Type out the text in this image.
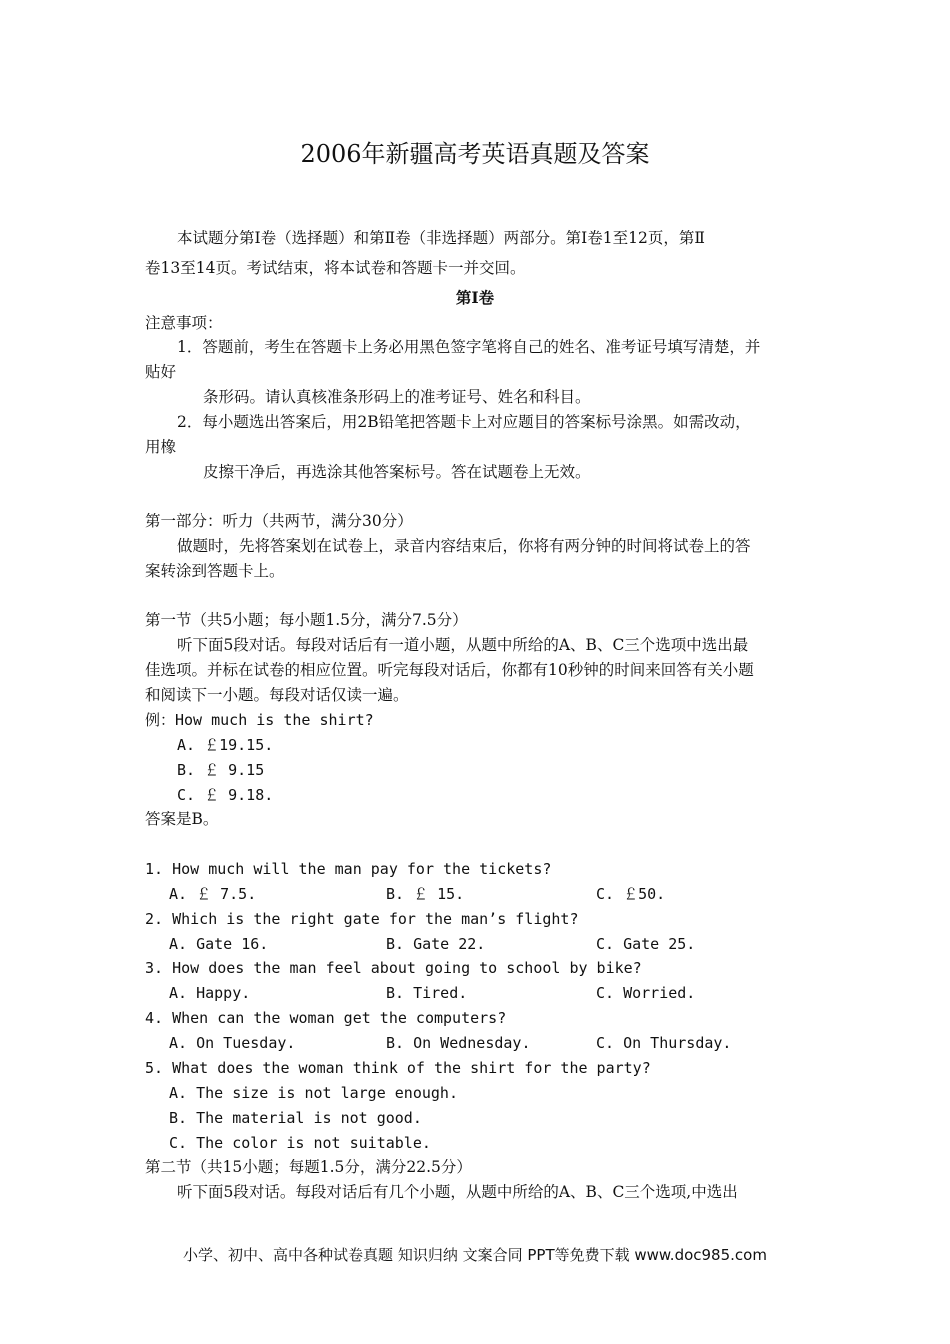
2006年新疆高考英语真题及答案
本试题分第Ⅰ卷（选择题）和第Ⅱ卷（非选择题）两部分。第Ⅰ卷1至12页，第Ⅱ
卷13至14页。考试结束，将本试卷和答题卡一并交回。
第Ⅰ卷
注意事项：
1．答题前，考生在答题卡上务必用黑色签字笔将自己的姓名、准考证号填写清楚，并
贴好
条形码。请认真核准条形码上的准考证号、姓名和科目。
2．每小题选出答案后，用2B铅笔把答题卡上对应题目的答案标号涂黑。如需改动，
用橡
皮擦干净后，再选涂其他答案标号。答在试题卷上无效。
第一部分：听力（共两节，满分30分）
做题时，先将答案划在试卷上，录音内容结束后，你将有两分钟的时间将试卷上的答
案转涂到答题卡上。
第一节（共5小题；每小题1.5分，满分7.5分）
听下面5段对话。每段对话后有一道小题，从题中所给的A、B、C三个选项中选出最
佳选项。并标在试卷的相应位置。听完每段对话后，你都有10秒钟的时间来回答有关小题
和阅读下一小题。每段对话仅读一遍。
例：How much is the shirt?
A. ￡19.15.
B. ￡ 9.15
C. ￡ 9.18.
答案是B。
1. How much will the man pay for the tickets?
A. ￡ 7.5.	B. ￡ 15.	C. ￡50.
2. Which is the right gate for the man’s flight?
A. Gate 16.	B. Gate 22.	C. Gate 25.
3. How does the man feel about going to school by bike?
A. Happy.	B. Tired.	C. Worried.
4. When can the woman get the computers?
A. On Tuesday.	B. On Wednesday.	C. On Thursday.
5. What does the woman think of the shirt for the party?
A. The size is not large enough.
B. The material is not good.
C. The color is not suitable.
第二节（共15小题；每题1.5分，满分22.5分）
听下面5段对话。每段对话后有几个小题，从题中所给的A、B、C三个选项,中选出
小学、初中、高中各种试卷真题 知识归纳 文案合同 PPT等免费下载 www.doc985.com
